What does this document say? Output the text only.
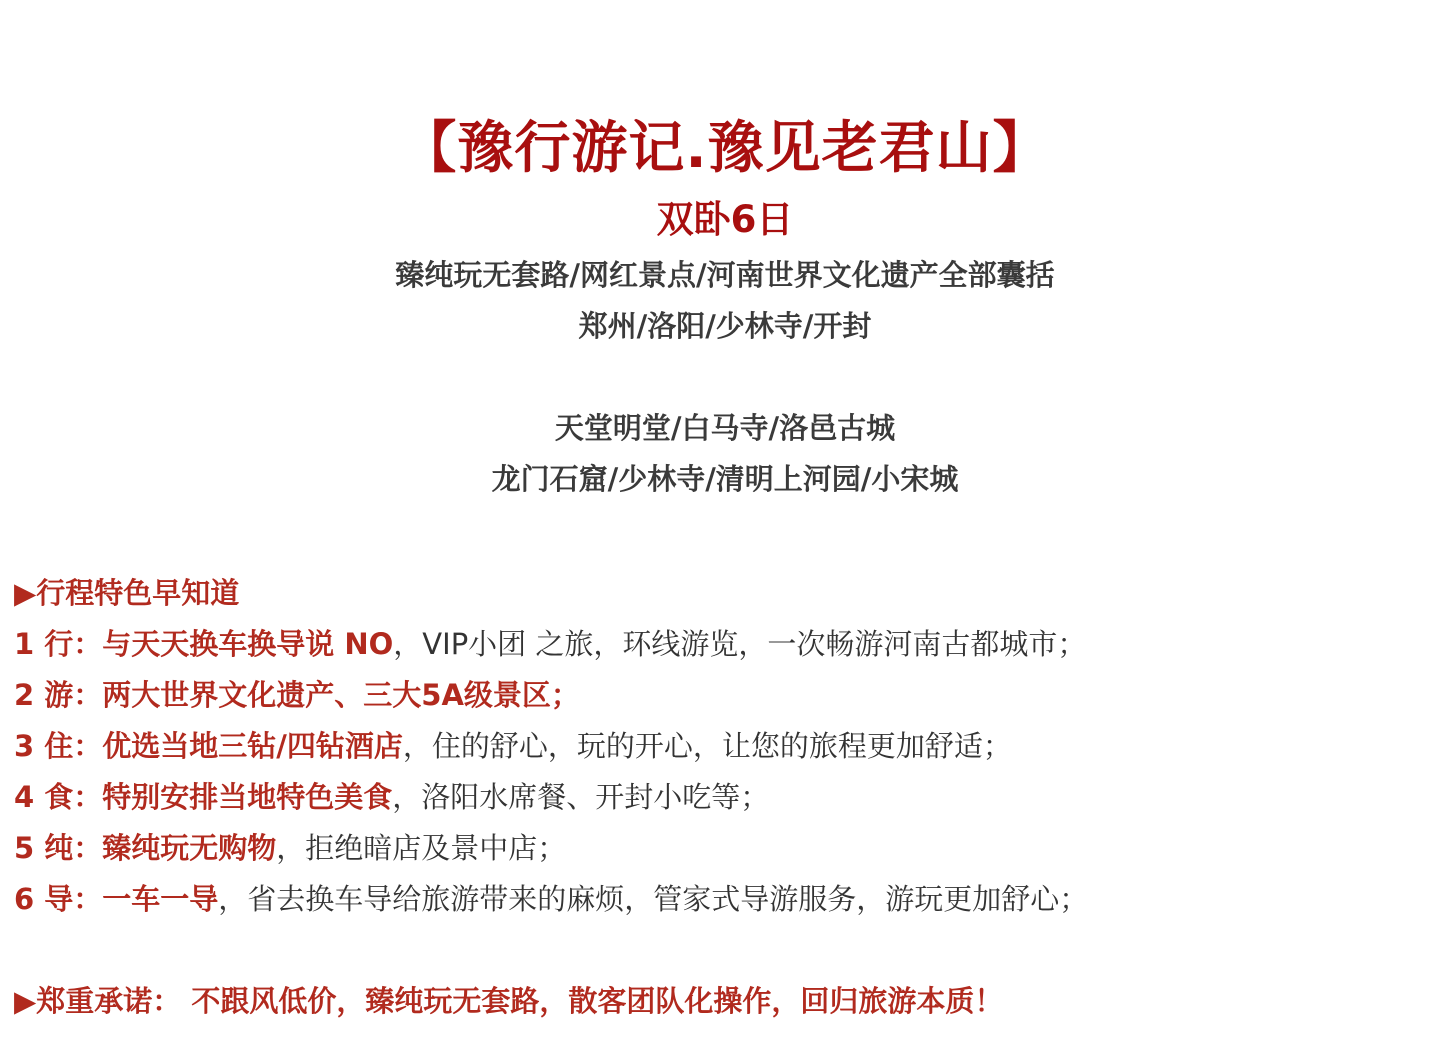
【豫行游记.豫见老君山】
双卧6日
臻纯玩无套路/网红景点/河南世界文化遗产全部囊括
郑州/洛阳/少林寺/开封
天堂明堂/白马寺/洛邑古城
龙门石窟/少林寺/清明上河园/小宋城
▶行程特色早知道
1 行：与天天换车换导说 NO，VIP小团 之旅，环线游览，一次畅游河南古都城市；
2 游：两大世界文化遗产、三大5A级景区；
3 住：优选当地三钻/四钻酒店，住的舒心，玩的开心，让您的旅程更加舒适；
4 食：特别安排当地特色美食，洛阳水席餐、开封小吃等；
5 纯：臻纯玩无购物，拒绝暗店及景中店；
6 导：一车一导，省去换车导给旅游带来的麻烦，管家式导游服务，游玩更加舒心；
▶郑重承诺： 不跟风低价，臻纯玩无套路，散客团队化操作，回归旅游本质！
